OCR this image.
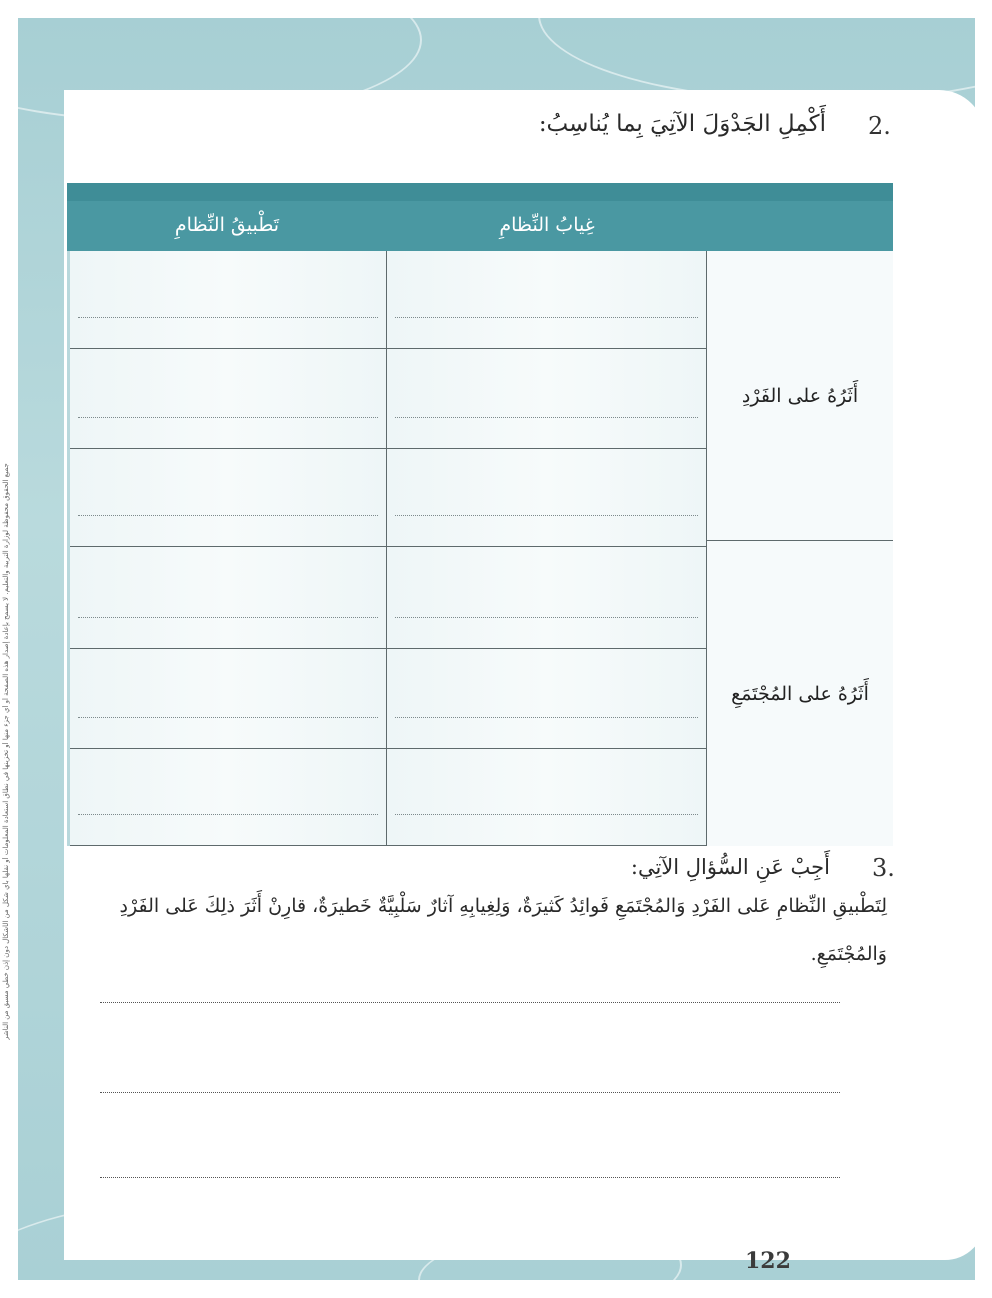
جميع الحقوق محفوظة لوزارة التربية والتعليم. لا يسمح بإعادة إصدار هذه الصفحة أو أي جزء منها أو تخزينها في نطاق استعادة المعلومات أو نقلها بأي شكل من الأشكال دون إذن خطي مسبق من الناشر
2.
أَكْمِلِ الجَدْوَلَ الآتِيَ بِما يُناسِبُ:
تَطْبيقُ النِّظامِ	غِيابُ النِّظامِ
أَثَرُهُ على الفَرْدِ
أَثَرُهُ على المُجْتَمَعِ
3.
أَجِبْ عَنِ السُّؤالِ الآتِي:
لِتَطْبيقِ النِّظامِ عَلى الفَرْدِ وَالمُجْتَمَعِ فَوائِدُ كَثيرَةٌ، وَلِغِيابِهِ آثارٌ سَلْبِيَّةٌ خَطيرَةٌ، قارِنْ أَثَرَ ذلِكَ عَلى الفَرْدِ
وَالمُجْتَمَعِ.
122
